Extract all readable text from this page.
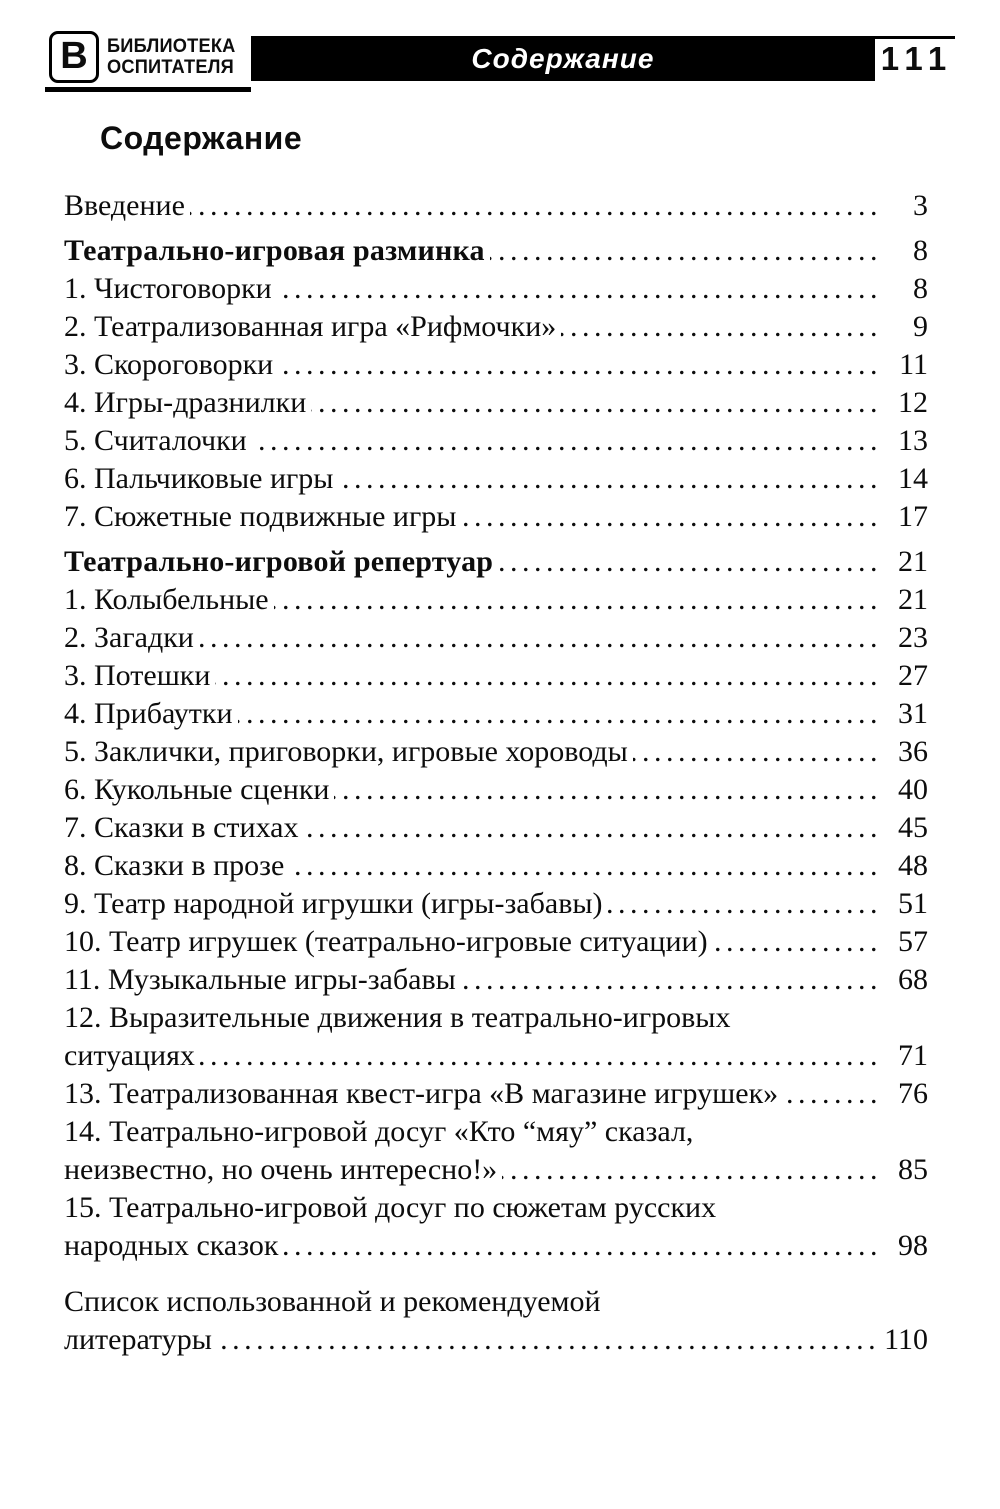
В	БИБЛИОТЕКА
ОСПИТАТЕЛЯ	Содержание	111
Содержание
Введение .....	3
Театрально-игровая разминка .....	8
1. Чистоговорки .....	8
2. Театрализованная игра «Рифмочки» .....	9
3. Скороговорки .....	11
4. Игры-дразнилки .....	12
5. Считалочки .....	13
6. Пальчиковые игры .....	14
7. Сюжетные подвижные игры .....	17
Театрально-игровой репертуар .....	21
1. Колыбельные .....	21
2. Загадки .....	23
3. Потешки .....	27
4. Прибаутки .....	31
5. Заклички, приговорки, игровые хороводы .....	36
6. Кукольные сценки .....	40
7. Сказки в стихах .....	45
8. Сказки в прозе .....	48
9. Театр народной игрушки (игры-забавы) .....	51
10. Театр игрушек (театрально-игровые ситуации) .....	57
11. Музыкальные игры-забавы .....	68
12. Выразительные движения в театрально-игровых
ситуациях .....	71
13. Театрализованная квест-игра «В магазине игрушек» .....	76
14. Театрально-игровой досуг «Кто “мяу” сказал,
неизвестно, но очень интересно!» .....	85
15. Театрально-игровой досуг по сюжетам русских
народных сказок .....	98
Список использованной и рекомендуемой
литературы .....	110
